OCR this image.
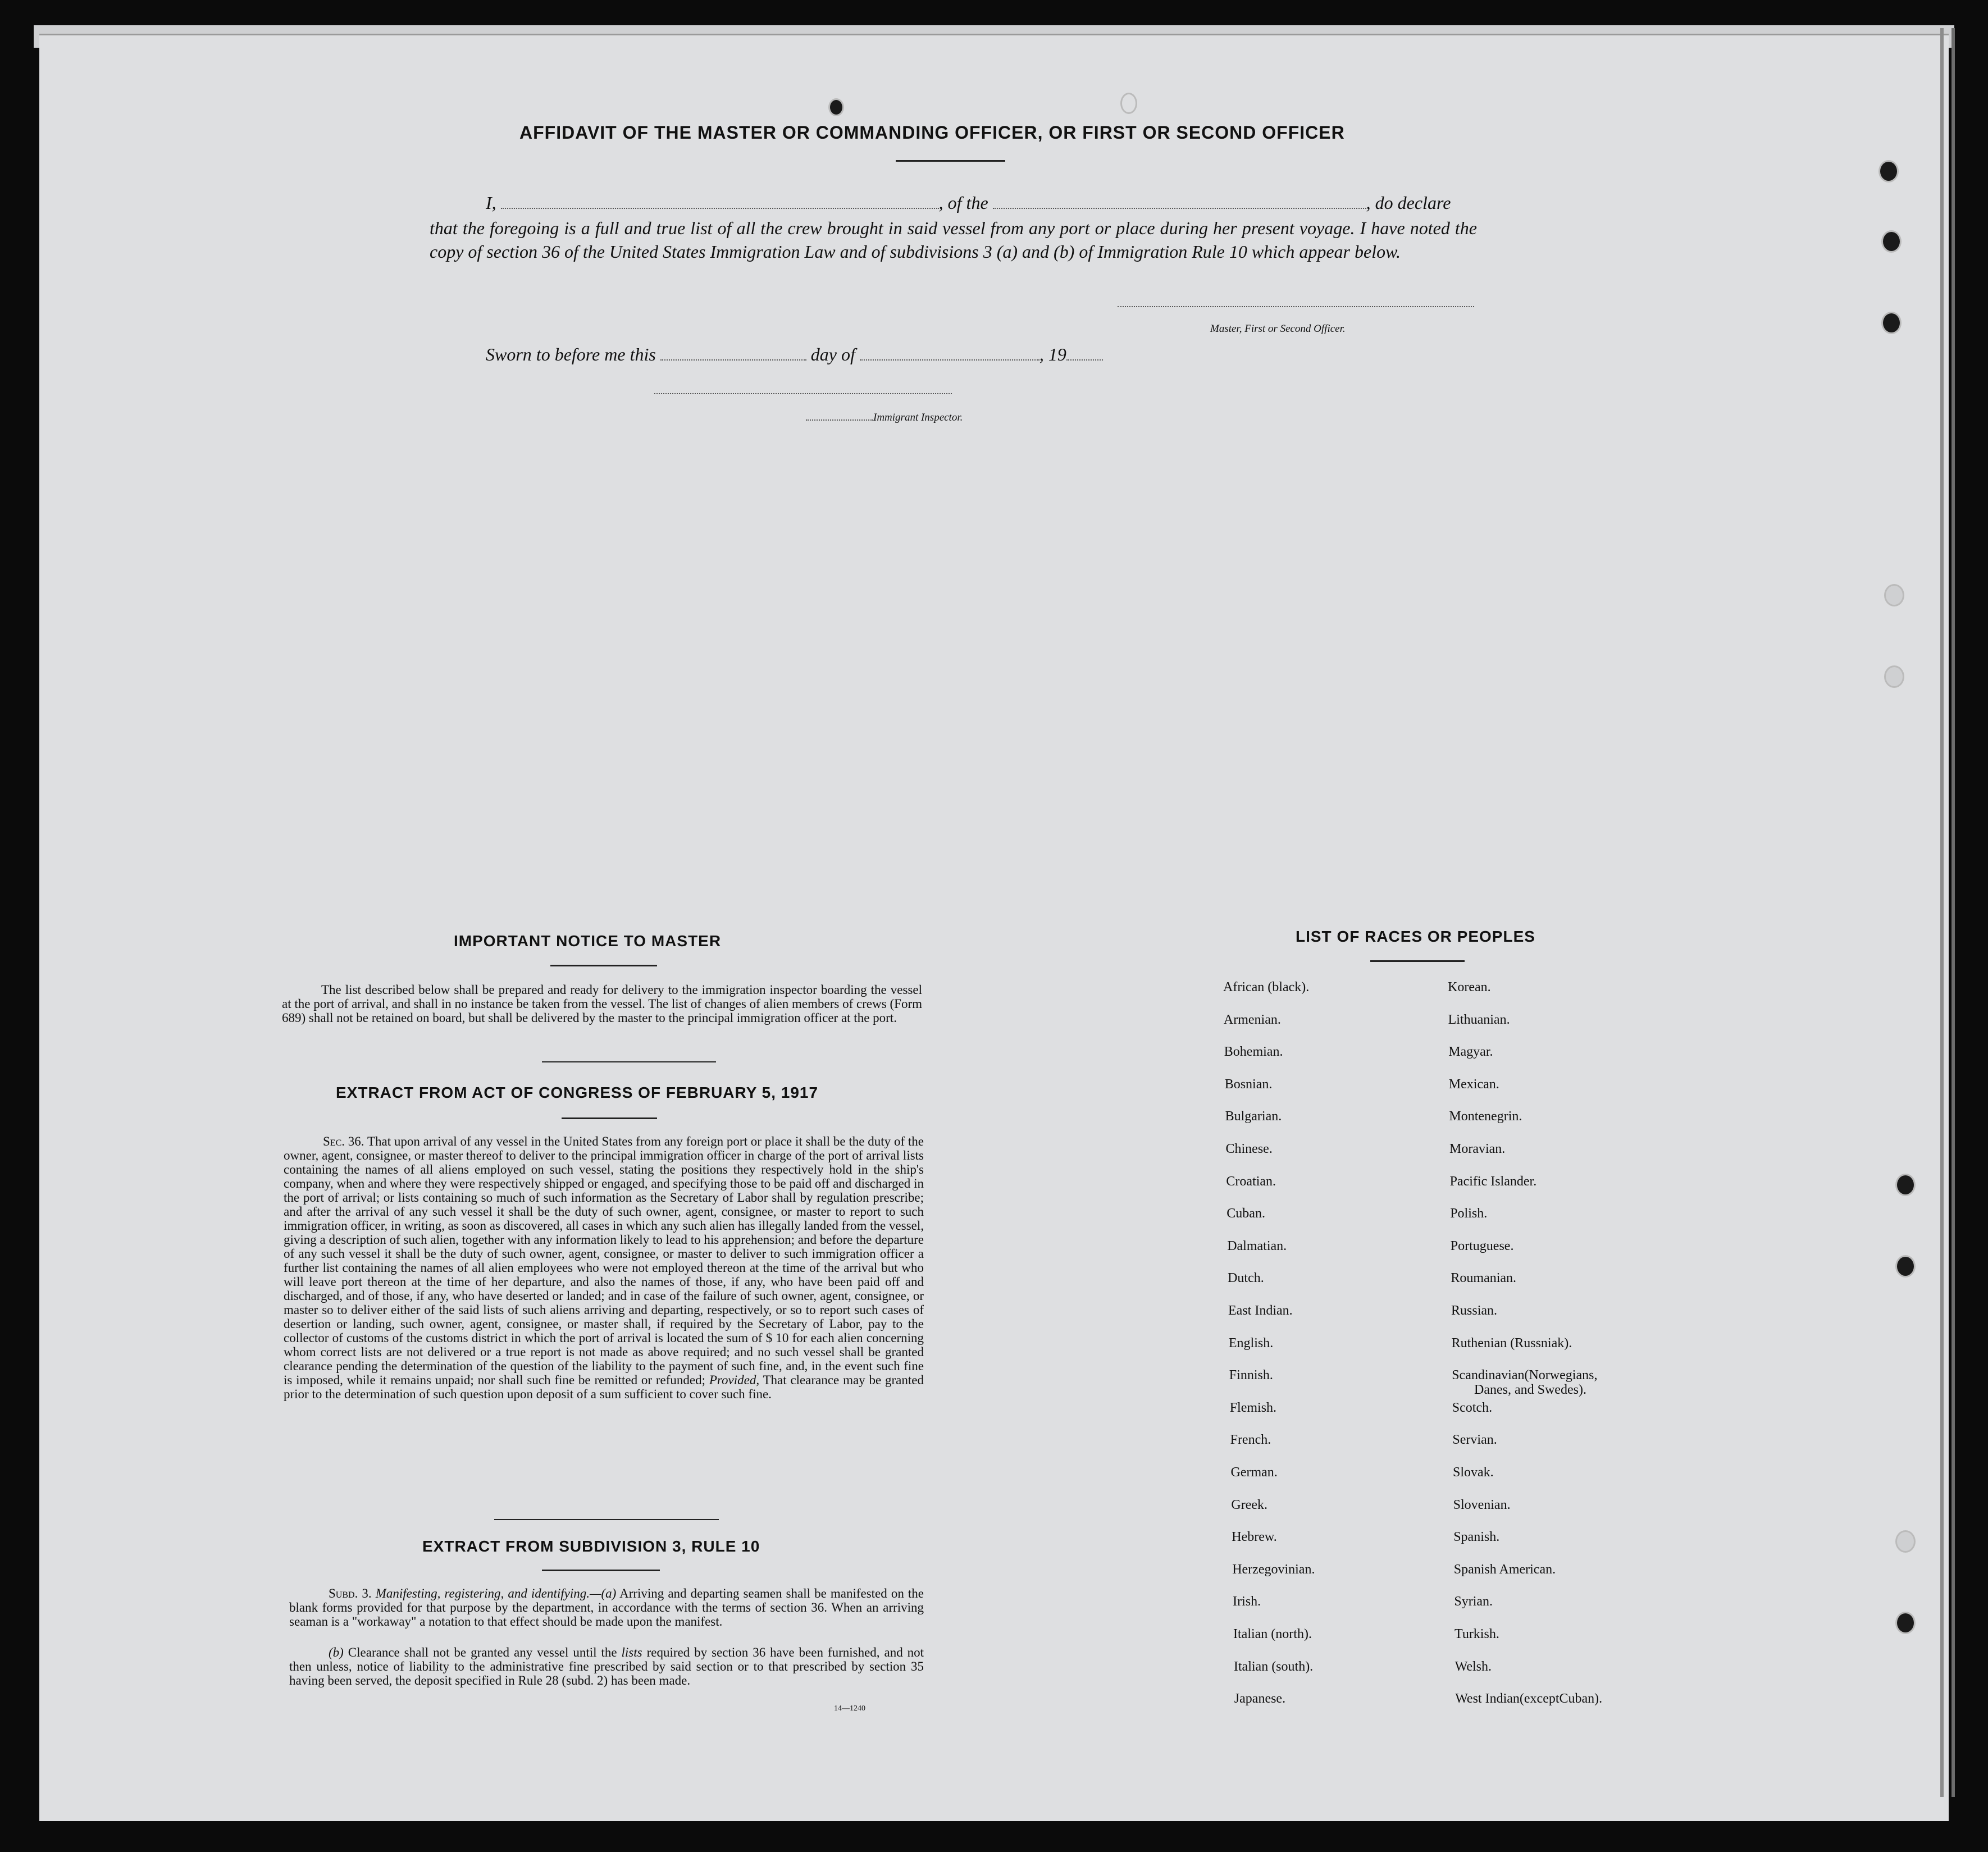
AFFIDAVIT OF THE MASTER OR COMMANDING OFFICER, OR FIRST OR SECOND OFFICER
I,	, of the	, do declare
that the foregoing is a full and true list of all the crew brought in said vessel from any port or place during her present voyage. I have noted the copy of section 36 of the United States Immigration Law and of subdivisions 3 (a) and (b) of Immigration Rule 10 which appear below.
Master, First or Second Officer.
Sworn to before me this	day of	, 19
Immigrant Inspector.
IMPORTANT NOTICE TO MASTER
The list described below shall be prepared and ready for delivery to the immigration inspector boarding the vessel at the port of arrival, and shall in no instance be taken from the vessel. The list of changes of alien members of crews (Form 689) shall not be retained on board, but shall be delivered by the master to the principal immigration officer at the port.
EXTRACT FROM ACT OF CONGRESS OF FEBRUARY 5, 1917
Sec. 36. That upon arrival of any vessel in the United States from any foreign port or place it shall be the duty of the owner, agent, consignee, or master thereof to deliver to the principal immigration officer in charge of the port of arrival lists containing the names of all aliens employed on such vessel, stating the positions they respectively hold in the ship's company, when and where they were respectively shipped or engaged, and specifying those to be paid off and discharged in the port of arrival; or lists containing so much of such information as the Secretary of Labor shall by regulation prescribe; and after the arrival of any such vessel it shall be the duty of such owner, agent, consignee, or master to report to such immigration officer, in writing, as soon as discovered, all cases in which any such alien has illegally landed from the vessel, giving a description of such alien, together with any information likely to lead to his apprehension; and before the departure of any such vessel it shall be the duty of such owner, agent, consignee, or master to deliver to such immigration officer a further list containing the names of all alien employees who were not employed thereon at the time of the arrival but who will leave port thereon at the time of her departure, and also the names of those, if any, who have been paid off and discharged, and of those, if any, who have deserted or landed; and in case of the failure of such owner, agent, consignee, or master so to deliver either of the said lists of such aliens arriving and departing, respectively, or so to report such cases of desertion or landing, such owner, agent, consignee, or master shall, if required by the Secretary of Labor, pay to the collector of customs of the customs district in which the port of arrival is located the sum of $ 10 for each alien concerning whom correct lists are not delivered or a true report is not made as above required; and no such vessel shall be granted clearance pending the determination of the question of the liability to the payment of such fine, and, in the event such fine is imposed, while it remains unpaid; nor shall such fine be remitted or refunded; Provided, That clearance may be granted prior to the determination of such question upon deposit of a sum sufficient to cover such fine.
EXTRACT FROM SUBDIVISION 3, RULE 10
Subd. 3. Manifesting, registering, and identifying.—(a) Arriving and departing seamen shall be manifested on the blank forms provided for that purpose by the department, in accordance with the terms of section 36. When an arriving seaman is a "workaway" a notation to that effect should be made upon the manifest.
(b) Clearance shall not be granted any vessel until the lists required by section 36 have been furnished, and not then unless, notice of liability to the administrative fine prescribed by said section or to that prescribed by section 35 having been served, the deposit specified in Rule 28 (subd. 2) has been made.
14—1240
LIST OF RACES OR PEOPLES
African (black).
Armenian.
Bohemian.
Bosnian.
Bulgarian.
Chinese.
Croatian.
Cuban.
Dalmatian.
Dutch.
East Indian.
English.
Finnish.
Flemish.
French.
German.
Greek.
Hebrew.
Herzegovinian.
Irish.
Italian (north).
Italian (south).
Japanese.
Korean.
Lithuanian.
Magyar.
Mexican.
Montenegrin.
Moravian.
Pacific Islander.
Polish.
Portuguese.
Roumanian.
Russian.
Ruthenian (Russniak).
Scandinavian(Norwegians,
Danes, and Swedes).
Scotch.
Servian.
Slovak.
Slovenian.
Spanish.
Spanish American.
Syrian.
Turkish.
Welsh.
West Indian(exceptCuban).
